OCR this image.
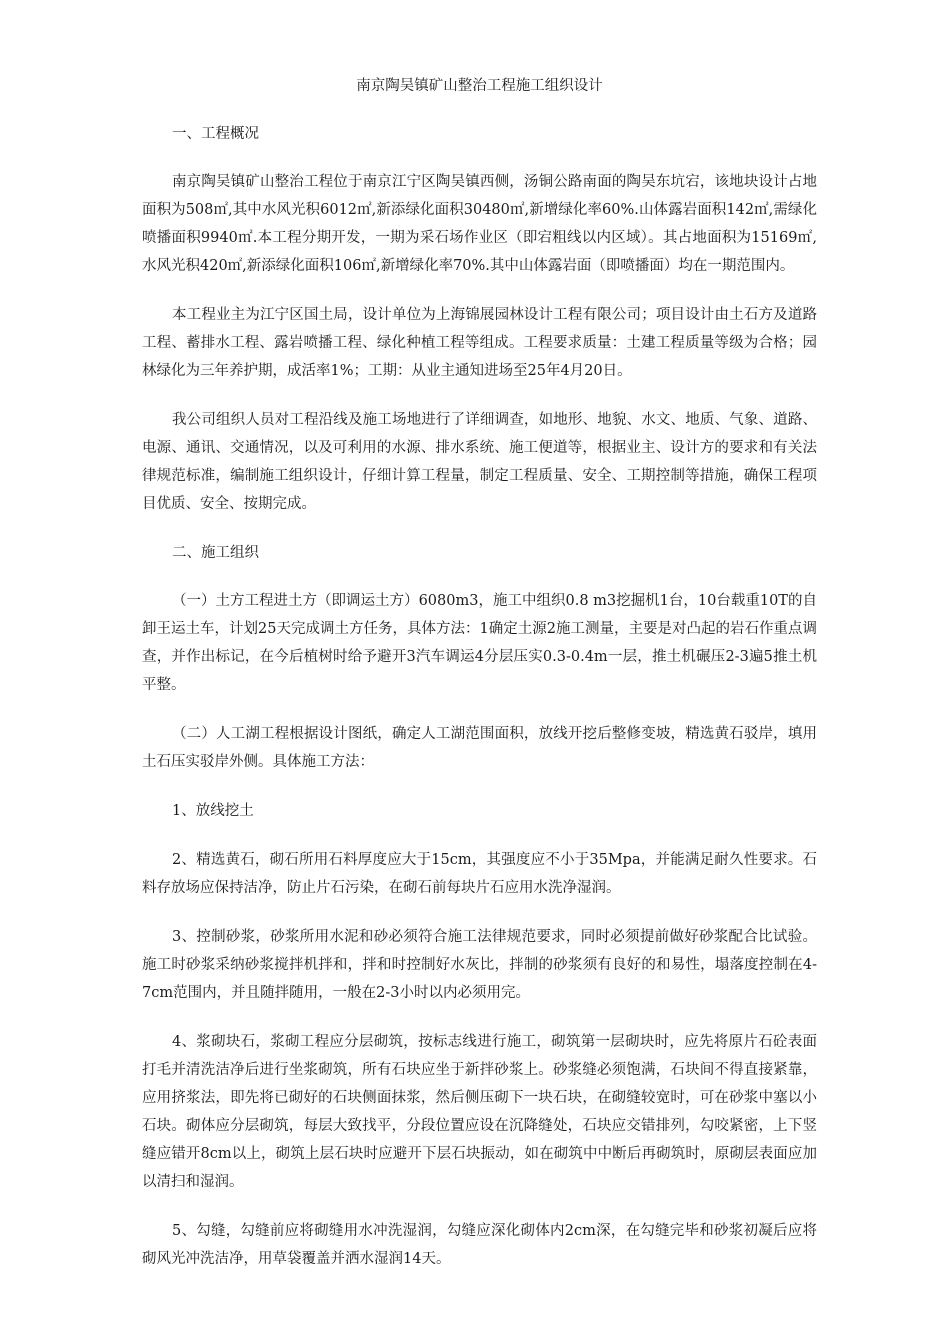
南京陶吴镇矿山整治工程施工组织设计
一、工程概况
南京陶吴镇矿山整治工程位于南京江宁区陶吴镇西侧，汤铜公路南面的陶吴东坑宕，该地块设计占地面积为508㎡,其中水风光积6012㎡,新添绿化面积30480㎡,新增绿化率60%.山体露岩面积142㎡,需绿化喷播面积9940㎡.本工程分期开发，一期为采石场作业区（即宕粗线以内区域）。其占地面积为15169㎡,水风光积420㎡,新添绿化面积106㎡,新增绿化率70%.其中山体露岩面（即喷播面）均在一期范围内。
本工程业主为江宁区国土局，设计单位为上海锦展园林设计工程有限公司；项目设计由土石方及道路工程、蓄排水工程、露岩喷播工程、绿化种植工程等组成。工程要求质量：土建工程质量等级为合格；园林绿化为三年养护期，成活率1%；工期：从业主通知进场至25年4月20日。
我公司组织人员对工程沿线及施工场地进行了详细调查，如地形、地貌、水文、地质、气象、道路、电源、通讯、交通情况，以及可利用的水源、排水系统、施工便道等，根据业主、设计方的要求和有关法律规范标准，编制施工组织设计，仔细计算工程量，制定工程质量、安全、工期控制等措施，确保工程项目优质、安全、按期完成。
二、施工组织
（一）土方工程进土方（即调运土方）6080m3，施工中组织0.8 m3挖掘机1台，10台载重10T的自卸王运土车，计划25天完成调土方任务，具体方法：1确定土源2施工测量，主要是对凸起的岩石作重点调查，并作出标记，在今后植树时给予避开3汽车调运4分层压实0.3-0.4m一层，推土机碾压2-3遍5推土机平整。
（二）人工湖工程根据设计图纸，确定人工湖范围面积，放线开挖后整修变坡，精选黄石驳岸，填用土石压实驳岸外侧。具体施工方法：
1、放线挖土
2、精选黄石，砌石所用石料厚度应大于15cm，其强度应不小于35Mpa，并能满足耐久性要求。石料存放场应保持洁净，防止片石污染，在砌石前每块片石应用水洗净湿润。
3、控制砂浆，砂浆所用水泥和砂必须符合施工法律规范要求，同时必须提前做好砂浆配合比试验。施工时砂浆采纳砂浆搅拌机拌和，拌和时控制好水灰比，拌制的砂浆须有良好的和易性，塌落度控制在4-7cm范围内，并且随拌随用，一般在2-3小时以内必须用完。
4、浆砌块石，浆砌工程应分层砌筑，按标志线进行施工，砌筑第一层砌块时，应先将原片石砼表面打毛并清洗洁净后进行坐浆砌筑，所有石块应坐于新拌砂浆上。砂浆缝必须饱满，石块间不得直接紧靠，应用挤浆法，即先将已砌好的石块侧面抹浆，然后侧压砌下一块石块，在砌缝较宽时，可在砂浆中塞以小石块。砌体应分层砌筑，每层大致找平，分段位置应设在沉降缝处，石块应交错排列，勾咬紧密，上下竖缝应错开8cm以上，砌筑上层石块时应避开下层石块振动，如在砌筑中中断后再砌筑时，原砌层表面应加以清扫和湿润。
5、勾缝，勾缝前应将砌缝用水冲洗湿润，勾缝应深化砌体内2cm深，在勾缝完毕和砂浆初凝后应将砌风光冲洗洁净，用草袋覆盖并洒水湿润14天。
